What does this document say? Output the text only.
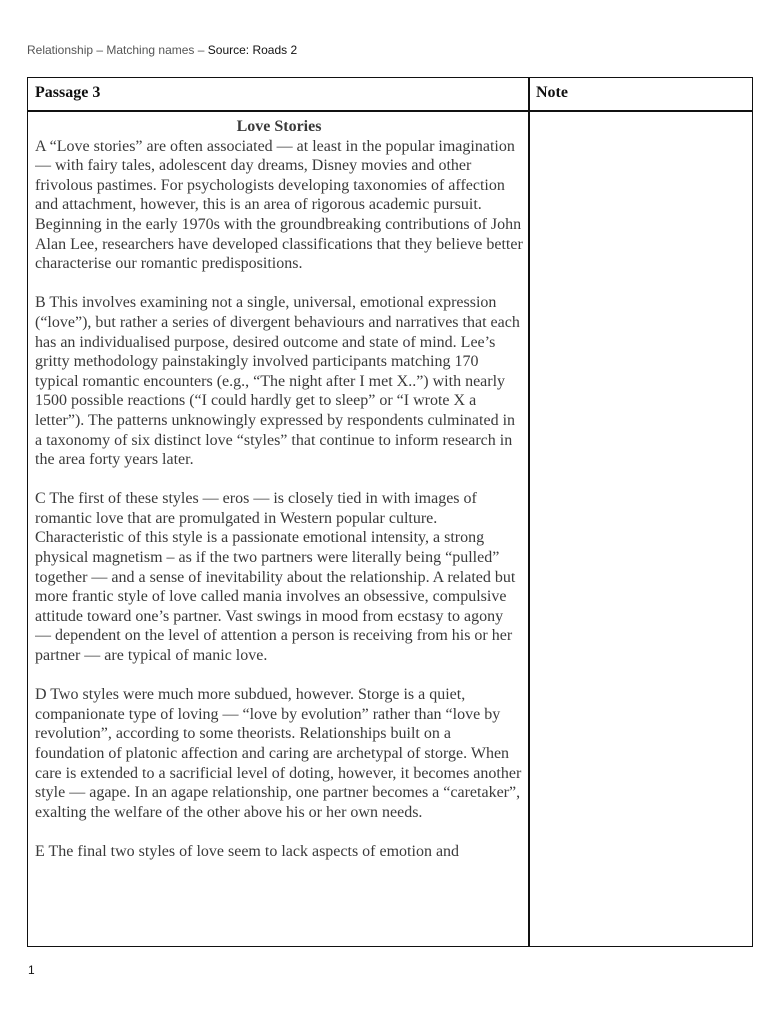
Relationship – Matching names – Source: Roads 2
Passage 3	Note

Love Stories

A “Love stories” are often associated — at least in the popular imagination — with fairy tales, adolescent day dreams, Disney movies and other frivolous pastimes. For psychologists developing taxonomies of affection and attachment, however, this is an area of rigorous academic pursuit. Beginning in the early 1970s with the groundbreaking contributions of John Alan Lee, researchers have developed classifications that they believe better characterise our romantic predispositions.

B This involves examining not a single, universal, emotional expression (“love”), but rather a series of divergent behaviours and narratives that each has an individualised purpose, desired outcome and state of mind. Lee’s gritty methodology painstakingly involved participants matching 170 typical romantic encounters (e.g., “The night after I met X..”) with nearly 1500 possible reactions (“I could hardly get to sleep” or “I wrote X a letter”). The patterns unknowingly expressed by respondents culminated in a taxonomy of six distinct love “styles” that continue to inform research in the area forty years later.

C The first of these styles — eros — is closely tied in with images of romantic love that are promulgated in Western popular culture. Characteristic of this style is a passionate emotional intensity, a strong physical magnetism – as if the two partners were literally being “pulled” together — and a sense of inevitability about the relationship. A related but more frantic style of love called mania involves an obsessive, compulsive attitude toward one’s partner. Vast swings in mood from ecstasy to agony — dependent on the level of attention a person is receiving from his or her partner — are typical of manic love.

D Two styles were much more subdued, however. Storge is a quiet, companionate type of loving — “love by evolution” rather than “love by revolution”, according to some theorists. Relationships built on a foundation of platonic affection and caring are archetypal of storge. When care is extended to a sacrificial level of doting, however, it becomes another style — agape. In an agape relationship, one partner becomes a “caretaker”, exalting the welfare of the other above his or her own needs.

E The final two styles of love seem to lack aspects of emotion and

1
